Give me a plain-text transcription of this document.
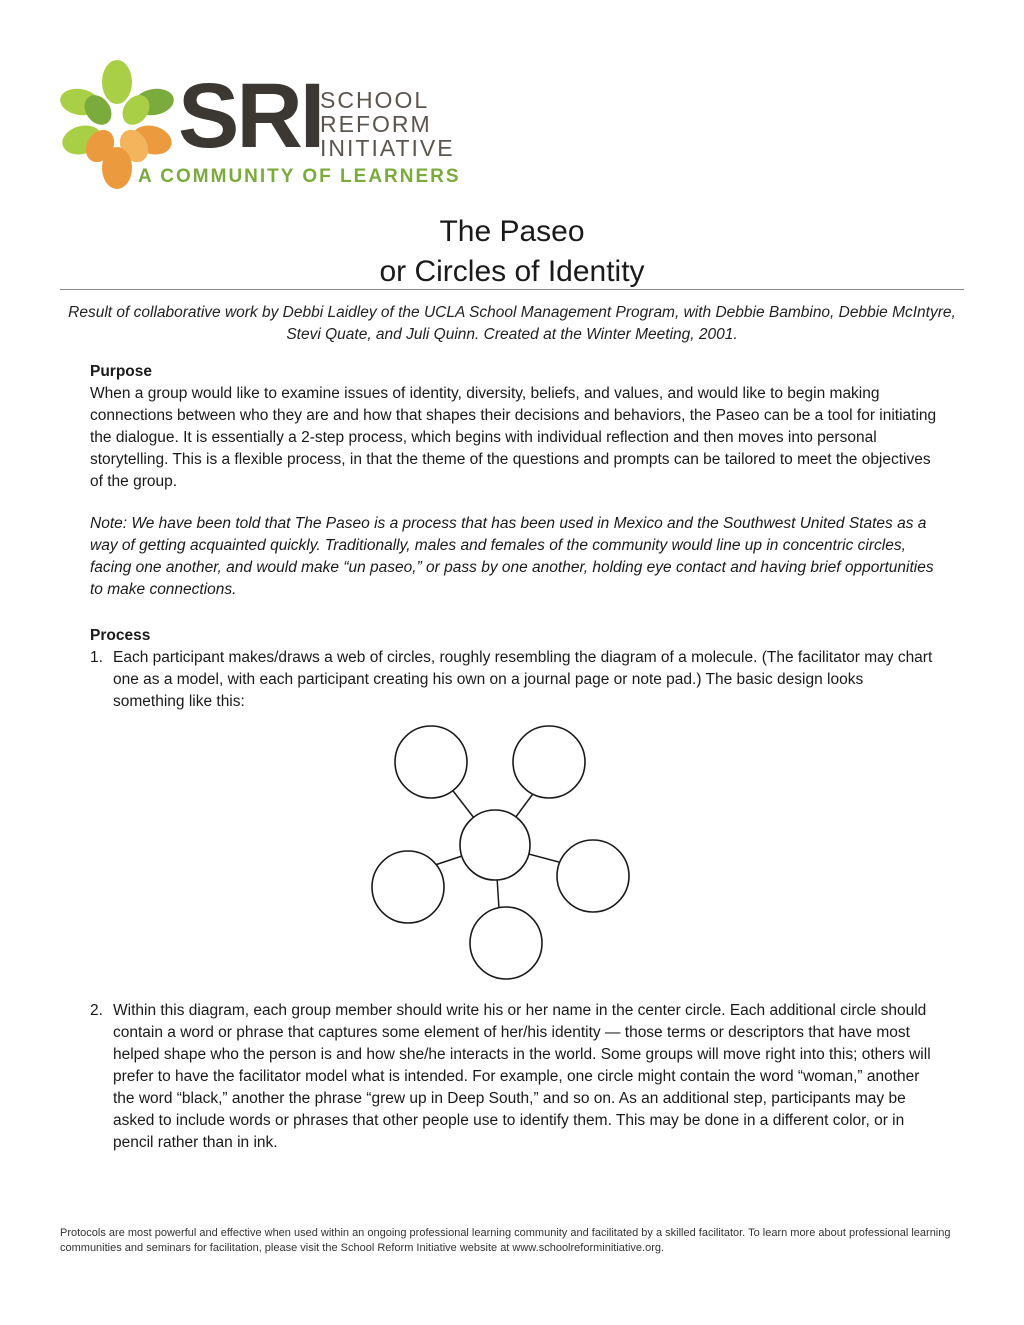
SRI
SCHOOL
REFORM
INITIATIVE
A COMMUNITY OF LEARNERS
The Paseo
or Circles of Identity
Result of collaborative work by Debbi Laidley of the UCLA School Management Program, with Debbie Bambino, Debbie McIntyre, Stevi Quate, and Juli Quinn. Created at the Winter Meeting, 2001.
Purpose
When a group would like to examine issues of identity, diversity, beliefs, and values, and would like to begin making connections between who they are and how that shapes their decisions and behaviors, the Paseo can be a tool for initiating the dialogue. It is essentially a 2-step process, which begins with individual reflection and then moves into personal storytelling. This is a flexible process, in that the theme of the questions and prompts can be tailored to meet the objectives of the group.
Note: We have been told that The Paseo is a process that has been used in Mexico and the Southwest United States as a way of getting acquainted quickly. Traditionally, males and females of the community would line up in concentric circles, facing one another, and would make “un paseo,” or pass by one another, holding eye contact and having brief opportunities to make connections.
Process
1. Each participant makes/draws a web of circles, roughly resembling the diagram of a molecule. (The facilitator may chart one as a model, with each participant creating his own on a journal page or note pad.) The basic design looks something like this:
2. Within this diagram, each group member should write his or her name in the center circle. Each additional circle should contain a word or phrase that captures some element of her/his identity — those terms or descriptors that have most helped shape who the person is and how she/he interacts in the world. Some groups will move right into this; others will prefer to have the facilitator model what is intended. For example, one circle might contain the word “woman,” another the word “black,” another the phrase “grew up in Deep South,” and so on. As an additional step, participants may be asked to include words or phrases that other people use to identify them. This may be done in a different color, or in pencil rather than in ink.
Protocols are most powerful and effective when used within an ongoing professional learning community and facilitated by a skilled facilitator. To learn more about professional learning communities and seminars for facilitation, please visit the School Reform Initiative website at www.schoolreforminitiative.org.
